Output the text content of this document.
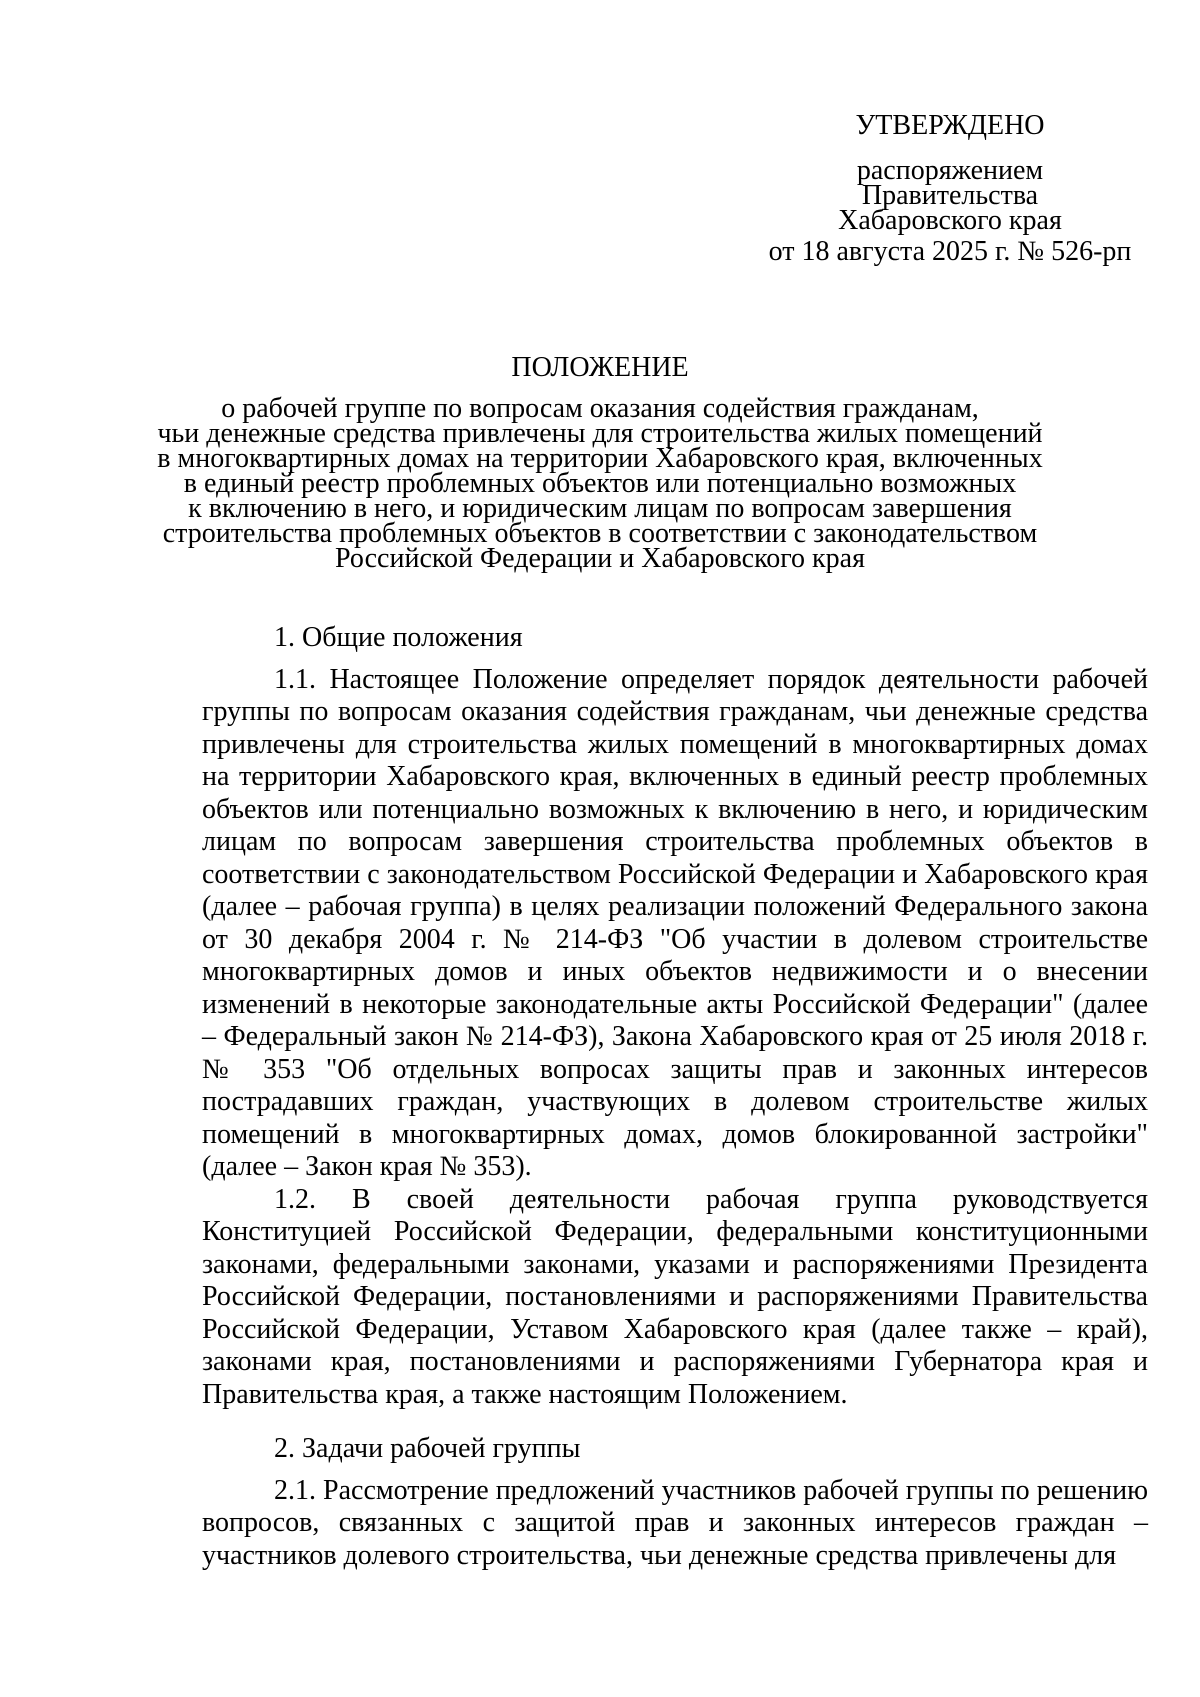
УТВЕРЖДЕНО
распоряжением
Правительства
Хабаровского края
от 18 августа 2025 г. № 526-рп
ПОЛОЖЕНИЕ
о рабочей группе по вопросам оказания содействия гражданам,
чьи денежные средства привлечены для строительства жилых помещений
в многоквартирных домах на территории Хабаровского края, включенных
в единый реестр проблемных объектов или потенциально возможных
к включению в него, и юридическим лицам по вопросам завершения
строительства проблемных объектов в соответствии с законодательством
Российской Федерации и Хабаровского края

1. Общие положения

1.1. Настоящее Положение определяет порядок деятельности рабочей группы по вопросам оказания содействия гражданам, чьи денежные средства привлечены для строительства жилых помещений в многоквартирных домах на территории Хабаровского края, включенных в единый реестр проблемных объектов или потенциально возможных к включению в него, и юридическим лицам по вопросам завершения строительства проблемных объектов в соответствии с законодательством Российской Федерации и Хабаровского края (далее – рабочая группа) в целях реализации положений Федерального закона от 30 декабря 2004 г. № 214-ФЗ "Об участии в долевом строительстве многоквартирных домов и иных объектов недвижимости и о внесении изменений в некоторые законодательные акты Российской Федерации" (далее – Федеральный закон № 214-ФЗ), Закона Хабаровского края от 25 июля 2018 г. № 353 "Об отдельных вопросах защиты прав и законных интересов пострадавших граждан, участвующих в долевом строительстве жилых помещений в многоквартирных домах, домов блокированной застройки" (далее – Закон края № 353).

1.2. В своей деятельности рабочая группа руководствуется Конституцией Российской Федерации, федеральными конституционными законами, федеральными законами, указами и распоряжениями Президента Российской Федерации, постановлениями и распоряжениями Правительства Российской Федерации, Уставом Хабаровского края (далее также – край), законами края, постановлениями и распоряжениями Губернатора края и Правительства края, а также настоящим Положением.

2. Задачи рабочей группы

2.1. Рассмотрение предложений участников рабочей группы по решению вопросов, связанных с защитой прав и законных интересов граждан – участников долевого строительства, чьи денежные средства привлечены для
